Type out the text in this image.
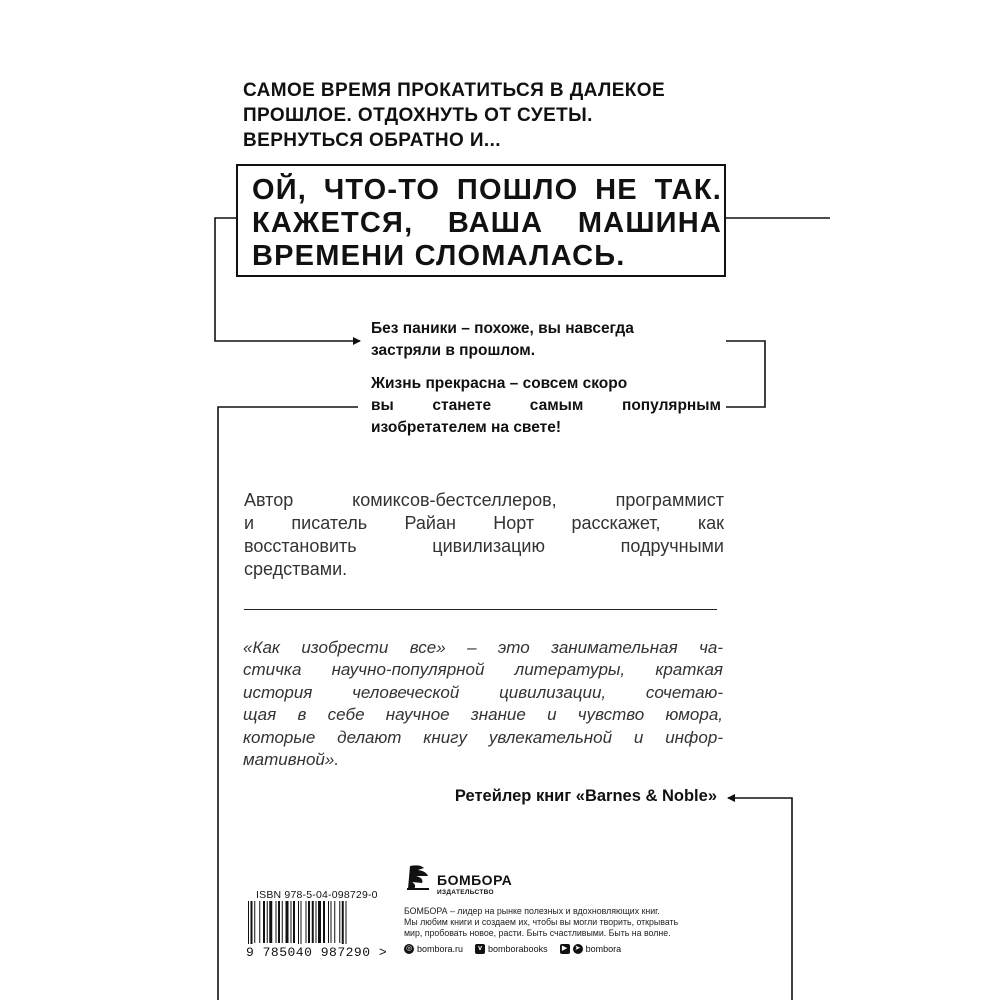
САМОЕ ВРЕМЯ ПРОКАТИТЬСЯ В ДАЛЕКОЕ
ПРОШЛОЕ. ОТДОХНУТЬ ОТ СУЕТЫ.
ВЕРНУТЬСЯ ОБРАТНО И...
ОЙ, ЧТО-ТО ПОШЛО НЕ ТАК.
КАЖЕТСЯ, ВАША МАШИНА
ВРЕМЕНИ СЛОМАЛАСЬ.
Без паники – похоже, вы навсегда
застряли в прошлом.
Жизнь прекрасна – совсем скоро
вы станете самым популярным
изобретателем на свете!
Автор комиксов-бестселлеров, программист
и писатель Райан Норт расскажет, как
восстановить цивилизацию подручными
средствами.
«Как изобрести все» – это занимательная ча-
стичка научно-популярной литературы, краткая
история человеческой цивилизации, сочетаю-
щая в себе научное знание и чувство юмора,
которые делают книгу увлекательной и инфор-
мативной».
Ретейлер книг «Barnes & Noble»
ISBN 978-5-04-098729-0
9 785040 987290 >
БОМБОРА
ИЗДАТЕЛЬСТВО
БОМБОРА – лидер на рынке полезных и вдохновляющих книг.
Мы любим книги и создаем их, чтобы вы могли творить, открывать
мир, пробовать новое, расти. Быть счастливыми. Быть на волне.
◎ bombora.ru	v bomborabooks	▶	➤ bombora
